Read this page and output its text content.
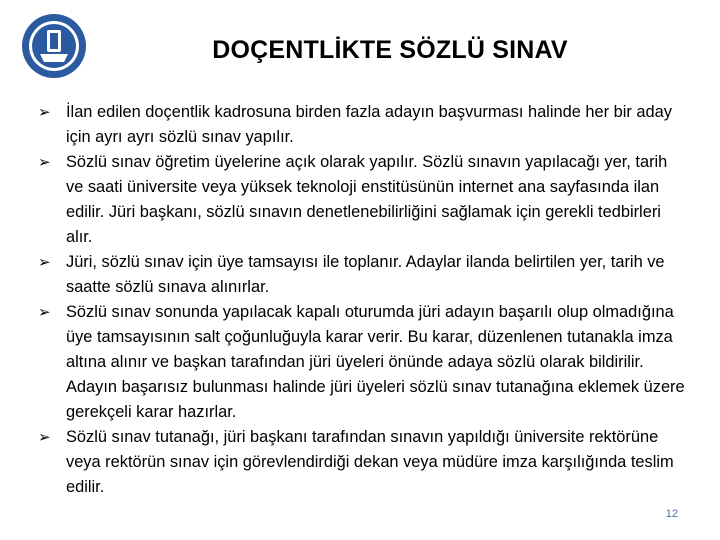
DOÇENTLİKTE SÖZLÜ SINAV
➢ İlan edilen doçentlik kadrosuna birden fazla adayın başvurması halinde her bir aday için ayrı ayrı sözlü sınav yapılır.
➢ Sözlü sınav öğretim üyelerine açık olarak yapılır. Sözlü sınavın yapılacağı yer, tarih ve saati üniversite veya yüksek teknoloji enstitüsünün internet ana sayfasında ilan edilir. Jüri başkanı, sözlü sınavın denetlenebilirliğini sağlamak için gerekli tedbirleri alır.
➢ Jüri, sözlü sınav için üye tamsayısı ile toplanır. Adaylar ilanda belirtilen yer, tarih ve saatte sözlü sınava alınırlar.
➢ Sözlü sınav sonunda yapılacak kapalı oturumda jüri adayın başarılı olup olmadığına üye tamsayısının salt çoğunluğuyla karar verir. Bu karar, düzenlenen tutanakla imza altına alınır ve başkan tarafından jüri üyeleri önünde adaya sözlü olarak bildirilir. Adayın başarısız bulunması halinde jüri üyeleri sözlü sınav tutanağına eklemek üzere gerekçeli karar hazırlar.
➢ Sözlü sınav tutanağı, jüri başkanı tarafından sınavın yapıldığı üniversite rektörüne veya rektörün sınav için görevlendirdiği dekan veya müdüre imza karşılığında teslim edilir.
12
